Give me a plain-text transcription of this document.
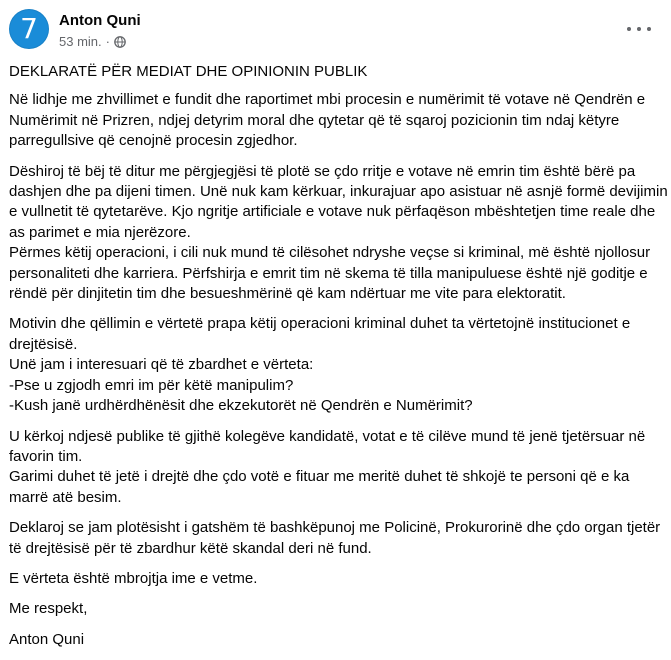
7 Anton Quni
53 min. ·

DEKLARATË PËR MEDIAT DHE OPINIONIN PUBLIK

Në lidhje me zhvillimet e fundit dhe raportimet mbi procesin e numërimit të votave në Qendrën e
Numërimit në Prizren, ndjej detyrim moral dhe qytetar që të sqaroj pozicionin tim ndaj këtyre
parregullsive që cenojnë procesin zgjedhor.

Dëshiroj të bëj të ditur me përgjegjësi të plotë se çdo rritje e votave në emrin tim është bërë pa
dashjen dhe pa dijeni timen. Unë nuk kam kërkuar, inkurajuar apo asistuar në asnjë formë devijimin
e vullnetit të qytetarëve. Kjo ngritje artificiale e votave nuk përfaqëson mbështetjen time reale dhe
as parimet e mia njerëzore.
Përmes këtij operacioni, i cili nuk mund të cilësohet ndryshe veçse si kriminal, më është njollosur
personaliteti dhe karriera. Përfshirja e emrit tim në skema të tilla manipuluese është një goditje e
rëndë për dinjitetin tim dhe besueshmërinë që kam ndërtuar me vite para elektoratit.

Motivin dhe qëllimin e vërtetë prapa këtij operacioni kriminal duhet ta vërtetojnë institucionet e
drejtësisë.
Unë jam i interesuari që të zbardhet e vërteta:
-Pse u zgjodh emri im për këtë manipulim?
-Kush janë urdhërdhënësit dhe ekzekutorët në Qendrën e Numërimit?

U kërkoj ndjesë publike të gjithë kolegëve kandidatë, votat e të cilëve mund të jenë tjetërsuar në
favorin tim.
Garimi duhet të jetë i drejtë dhe çdo votë e fituar me meritë duhet të shkojë te personi që e ka
marrë atë besim.

Deklaroj se jam plotësisht i gatshëm të bashkëpunoj me Policinë, Prokurorinë dhe çdo organ tjetër
të drejtësisë për të zbardhur këtë skandal deri në fund.

E vërteta është mbrojtja ime e vetme.

Me respekt,

Anton Quni
